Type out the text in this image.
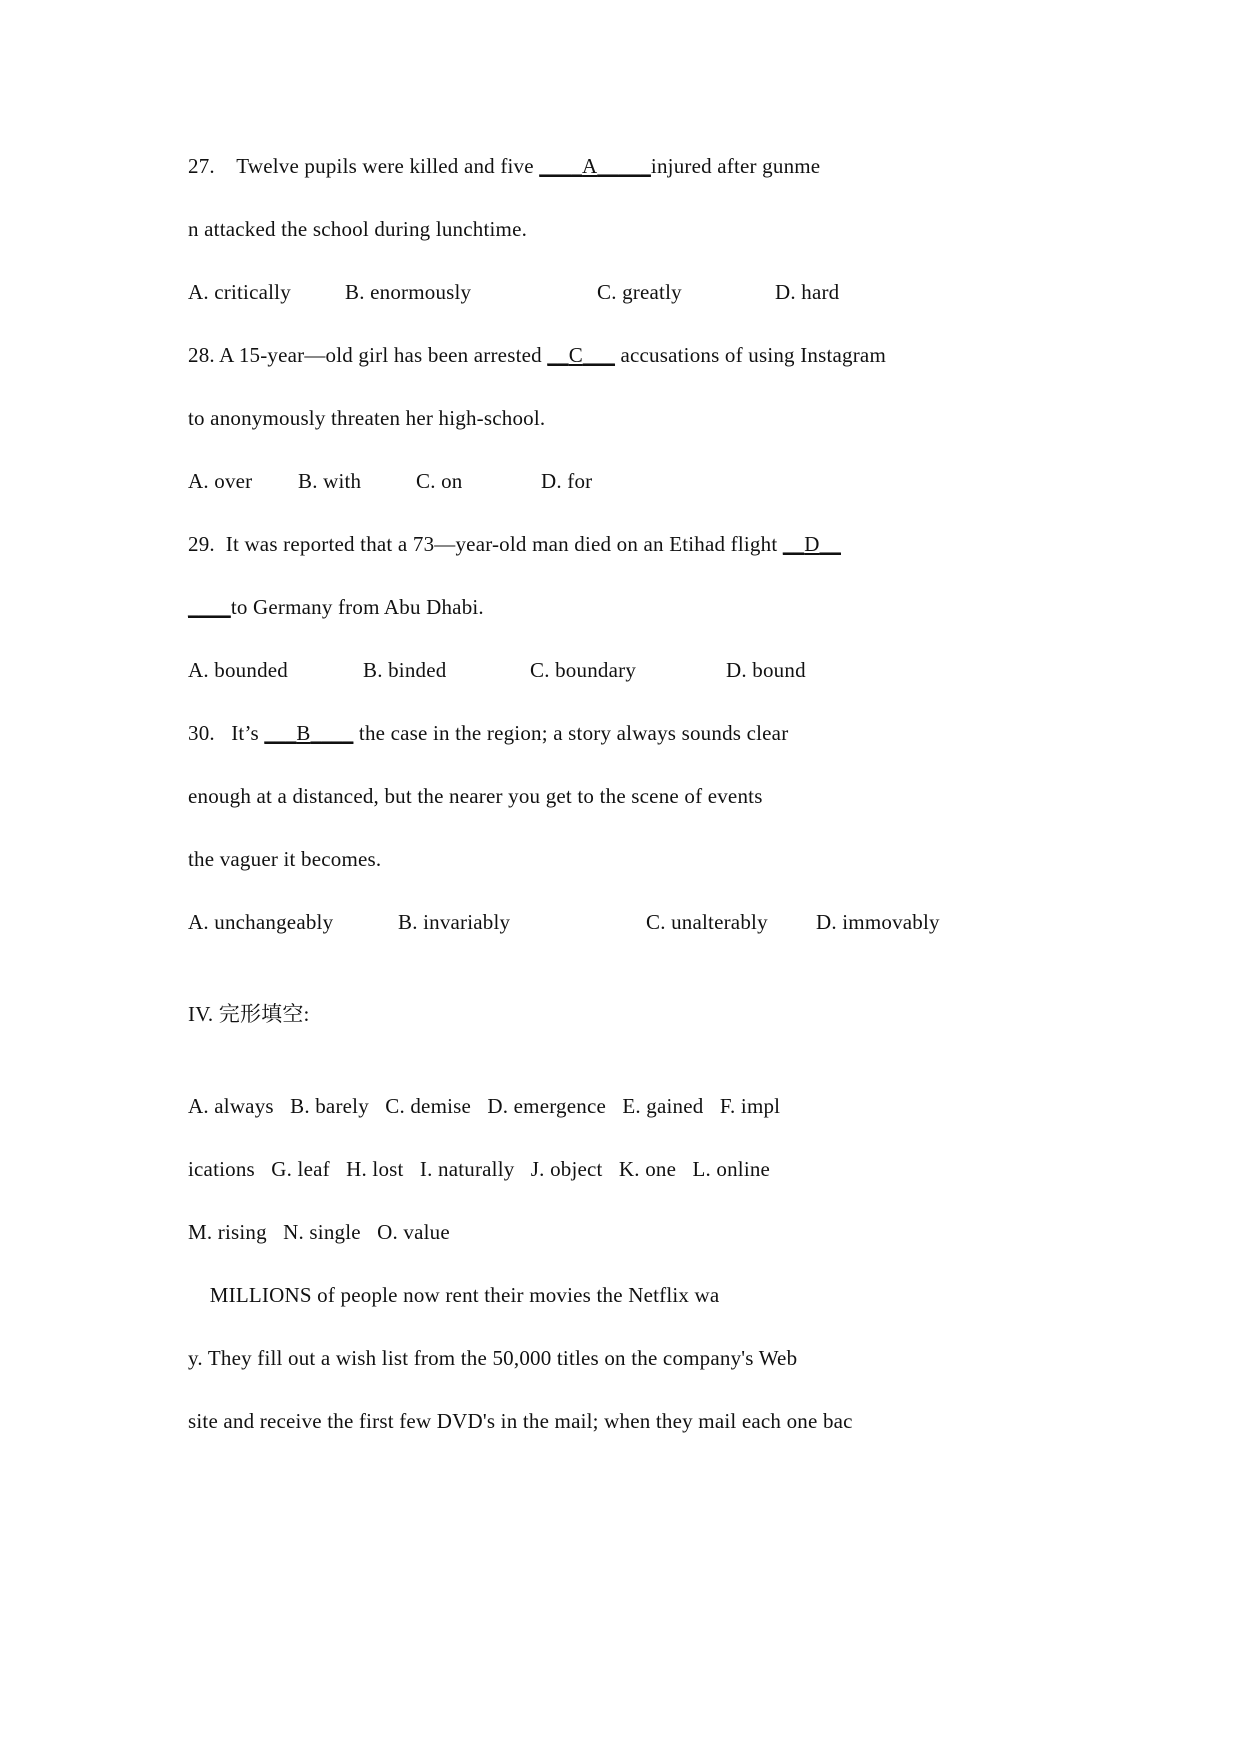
27. Twelve pupils were killed and five ____A_____injured after gunme
n attacked the school during lunchtime.
A. critically	B. enormously	C. greatly	D. hard
28. A 15-year—old girl has been arrested __C___ accusations of using Instagram
to anonymously threaten her high-school.
A. over B. with	C. on	D. for
29. It was reported that a 73—year-old man died on an Etihad flight __D__
____to Germany from Abu Dhabi.
A. bounded	B. binded	C. boundary	D. bound
30. It’s ___B____ the case in the region; a story always sounds clear
enough at a distanced, but the nearer you get to the scene of events
the vaguer it becomes.
A. unchangeably	B. invariably	C. unalterably D. immovably
IV. 完形填空:
A. always   B. barely   C. demise   D. emergence   E. gained   F. impl
ications   G. leaf   H. lost   I. naturally   J. object   K. one   L. online
M. rising   N. single   O. value
MILLIONS of people now rent their movies the Netflix wa
y. They fill out a wish list from the 50,000 titles on the company's Web
site and receive the first few DVD's in the mail; when they mail each one bac
